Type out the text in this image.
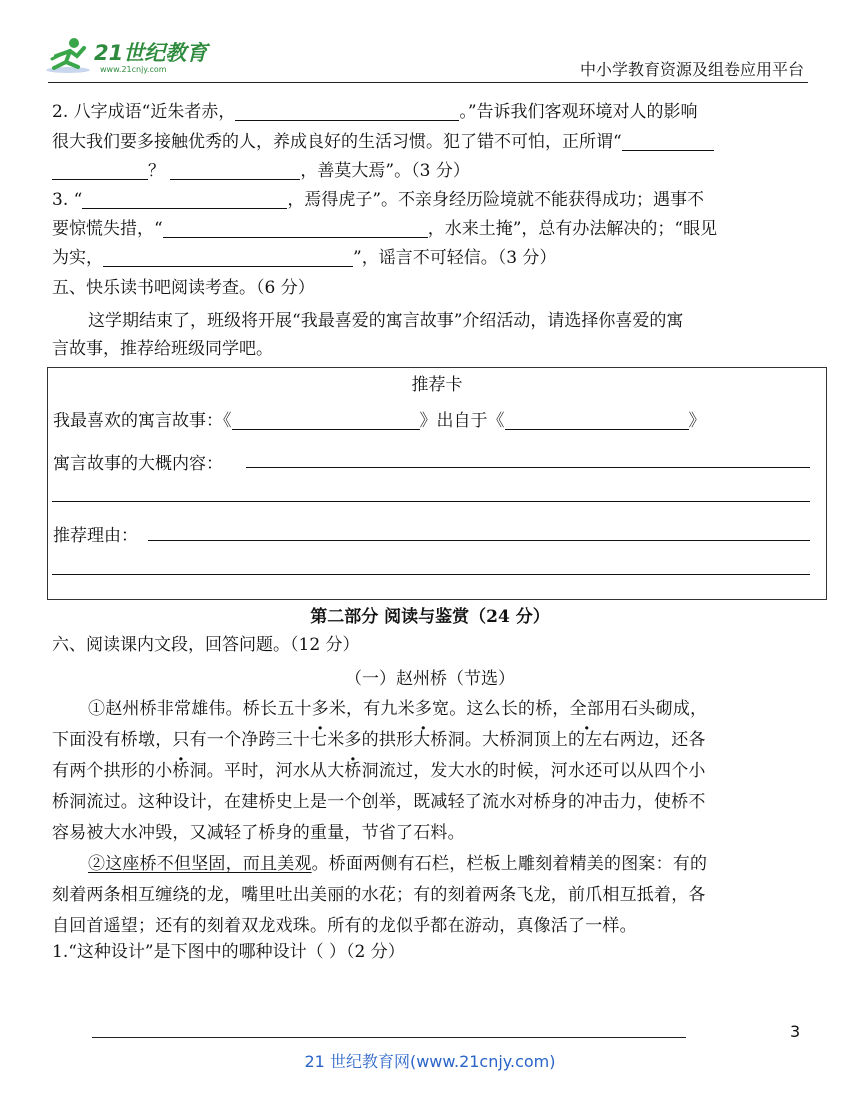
21世纪教育
www.21cnjy.com	中小学教育资源及组卷应用平台
2. 八字成语“近朱者赤，	。”告诉我们客观环境对人的影响
很大我们要多接触优秀的人，养成良好的生活习惯。犯了错不可怕，正所谓“
？	，善莫大焉”。（3 分）
3. “	，焉得虎子”。不亲身经历险境就不能获得成功；遇事不
要惊慌失措，“	，水来土掩”，总有办法解决的；“眼见
为实，	”，谣言不可轻信。（3 分）
五、快乐读书吧阅读考查。（6 分）
这学期结束了，班级将开展“我最喜爱的寓言故事”介绍活动，请选择你喜爱的寓
言故事，推荐给班级同学吧。
推荐卡
我最喜欢的寓言故事：《	》出自于《	》
寓言故事的大概内容：
推荐理由：
第二部分 阅读与鉴赏（24 分）
六、阅读课内文段，回答问题。（12 分）
（一）赵州桥（节选）
①赵州桥非常雄伟。桥长五十多米，有九米多宽。这么长的桥，全部用石头砌成，
下面没有桥墩，只有一个净跨三十七米多的拱形大桥洞。大桥洞顶上的左右两边，还各
有两个拱形的小桥洞。平时，河水从大桥洞流过，发大水的时候，河水还可以从四个小
桥洞流过。这种设计，在建桥史上是一个创举，既减轻了流水对桥身的冲击力，使桥不
容易被大水冲毁，又减轻了桥身的重量，节省了石料。
②这座桥不但坚固，而且美观。桥面两侧有石栏，栏板上雕刻着精美的图案：有的
刻着两条相互缠绕的龙，嘴里吐出美丽的水花；有的刻着两条飞龙，前爪相互抵着，各
自回首遥望；还有的刻着双龙戏珠。所有的龙似乎都在游动，真像活了一样。
1.“这种设计”是下图中的哪种设计（ ）（2 分）
3
21 世纪教育网(www.21cnjy.com)
